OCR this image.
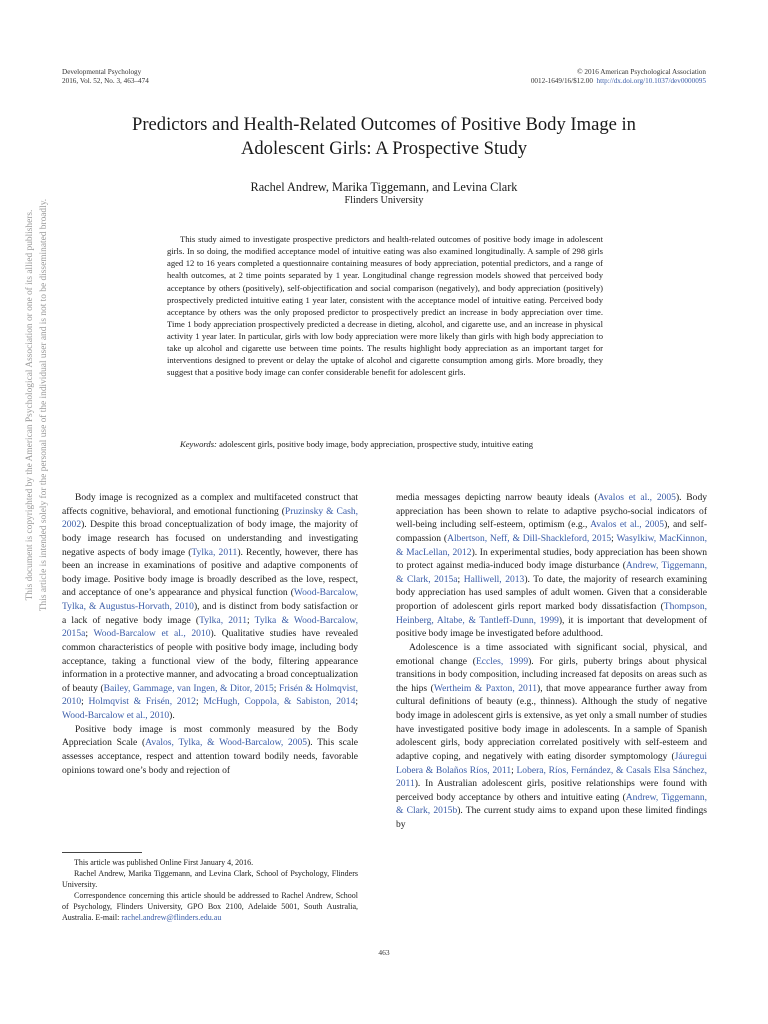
Developmental Psychology
2016, Vol. 52, No. 3, 463–474
© 2016 American Psychological Association
0012-1649/16/$12.00 http://dx.doi.org/10.1037/dev0000095
Predictors and Health-Related Outcomes of Positive Body Image in
Adolescent Girls: A Prospective Study
Rachel Andrew, Marika Tiggemann, and Levina Clark
Flinders University
This study aimed to investigate prospective predictors and health-related outcomes of positive body image in adolescent girls. In so doing, the modified acceptance model of intuitive eating was also examined longitudinally. A sample of 298 girls aged 12 to 16 years completed a questionnaire containing measures of body appreciation, potential predictors, and a range of health outcomes, at 2 time points separated by 1 year. Longitudinal change regression models showed that perceived body acceptance by others (positively), self-objectification and social comparison (negatively), and body appreciation (positively) prospectively predicted intuitive eating 1 year later, consistent with the acceptance model of intuitive eating. Perceived body acceptance by others was the only proposed predictor to prospectively predict an increase in body appreciation over time. Time 1 body appreciation prospectively predicted a decrease in dieting, alcohol, and cigarette use, and an increase in physical activity 1 year later. In particular, girls with low body appreciation were more likely than girls with high body appreciation to take up alcohol and cigarette use between time points. The results highlight body appreciation as an important target for interventions designed to prevent or delay the uptake of alcohol and cigarette consumption among girls. More broadly, they suggest that a positive body image can confer considerable benefit for adolescent girls.
Keywords: adolescent girls, positive body image, body appreciation, prospective study, intuitive eating

Body image is recognized as a complex and multifaceted construct that affects cognitive, behavioral, and emotional functioning (Pruzinsky & Cash, 2002). Despite this broad conceptualization of body image, the majority of body image research has focused on understanding and investigating negative aspects of body image (Tylka, 2011). Recently, however, there has been an increase in examinations of positive and adaptive components of body image. Positive body image is broadly described as the love, respect, and acceptance of one’s appearance and physical function (Wood-Barcalow, Tylka, & Augustus-Horvath, 2010), and is distinct from body satisfaction or a lack of negative body image (Tylka, 2011; Tylka & Wood-Barcalow, 2015a; Wood-Barcalow et al., 2010). Qualitative studies have revealed common characteristics of people with positive body image, including body acceptance, taking a functional view of the body, filtering appearance information in a protective manner, and advocating a broad conceptualization of beauty (Bailey, Gammage, van Ingen, & Ditor, 2015; Frisén & Holmqvist, 2010; Holmqvist & Frisén, 2012; McHugh, Coppola, & Sabiston, 2014; Wood-Barcalow et al., 2010).

Positive body image is most commonly measured by the Body Appreciation Scale (Avalos, Tylka, & Wood-Barcalow, 2005). This scale assesses acceptance, respect and attention toward bodily needs, favorable opinions toward one’s body and rejection of

media messages depicting narrow beauty ideals (Avalos et al., 2005). Body appreciation has been shown to relate to adaptive psycho-social indicators of well-being including self-esteem, optimism (e.g., Avalos et al., 2005), and self-compassion (Albertson, Neff, & Dill-Shackleford, 2015; Wasylkiw, MacKinnon, & MacLellan, 2012). In experimental studies, body appreciation has been shown to protect against media-induced body image disturbance (Andrew, Tiggemann, & Clark, 2015a; Halliwell, 2013). To date, the majority of research examining body appreciation has used samples of adult women. Given that a considerable proportion of adolescent girls report marked body dissatisfaction (Thompson, Heinberg, Altabe, & Tantleff-Dunn, 1999), it is important that development of positive body image be investigated before adulthood.

Adolescence is a time associated with significant social, physical, and emotional change (Eccles, 1999). For girls, puberty brings about physical transitions in body composition, including increased fat deposits on areas such as the hips (Wertheim & Paxton, 2011), that move appearance further away from cultural definitions of beauty (e.g., thinness). Although the study of negative body image in adolescent girls is extensive, as yet only a small number of studies have investigated positive body image in adolescents. In a sample of Spanish adolescent girls, body appreciation correlated positively with self-esteem and adaptive coping, and negatively with eating disorder symptomology (Jáuregui Lobera & Bolaños Ríos, 2011; Lobera, Ríos, Fernández, & Casals Elsa Sánchez, 2011). In Australian adolescent girls, positive relationships were found with perceived body acceptance by others and intuitive eating (Andrew, Tiggemann, & Clark, 2015b). The current study aims to expand upon these limited findings by

This article was published Online First January 4, 2016.

Rachel Andrew, Marika Tiggemann, and Levina Clark, School of Psychology, Flinders University.

Correspondence concerning this article should be addressed to Rachel Andrew, School of Psychology, Flinders University, GPO Box 2100, Adelaide 5001, South Australia, Australia. E-mail: rachel.andrew@flinders.edu.au

463
This document is copyrighted by the American Psychological Association or one of its allied publishers. This article is intended solely for the personal use of the individual user and is not to be disseminated broadly.
